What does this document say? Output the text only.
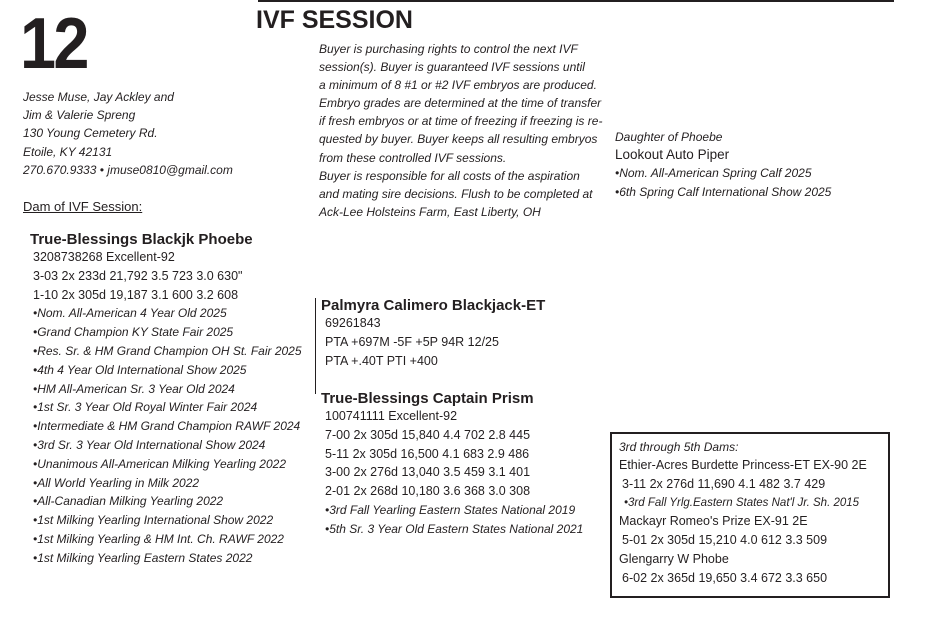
12	IVF SESSION
Jesse Muse, Jay Ackley and
Jim & Valerie Spreng
130 Young Cemetery Rd.
Etoile, KY 42131
270.670.9333 • jmuse0810@gmail.com
Dam of IVF Session:
Buyer is purchasing rights to control the next IVF
session(s). Buyer is guaranteed IVF sessions until
a minimum of 8 #1 or #2 IVF embryos are produced.
Embryo grades are determined at the time of transfer
if fresh embryos or at time of freezing if freezing is re-
quested by buyer. Buyer keeps all resulting embryos
from these controlled IVF sessions.
Buyer is responsible for all costs of the aspiration
and mating sire decisions. Flush to be completed at
Ack-Lee Holsteins Farm, East Liberty, OH
Daughter of Phoebe
Lookout Auto Piper
•Nom. All-American Spring Calf 2025
•6th Spring Calf International Show 2025
True-Blessings Blackjk Phoebe
3208738268 Excellent-92
3-03 2x 233d 21,792 3.5 723 3.0 630"
1-10 2x 305d 19,187 3.1 600 3.2 608
•Nom. All-American 4 Year Old 2025
•Grand Champion KY State Fair 2025
•Res. Sr. & HM Grand Champion OH St. Fair 2025
•4th 4 Year Old International Show 2025
•HM All-American Sr. 3 Year Old 2024
•1st Sr. 3 Year Old Royal Winter Fair 2024
•Intermediate & HM Grand Champion RAWF 2024
•3rd Sr. 3 Year Old International Show 2024
•Unanimous All-American Milking Yearling 2022
•All World Yearling in Milk 2022
•All-Canadian Milking Yearling 2022
•1st Milking Yearling International Show 2022
•1st Milking Yearling & HM Int. Ch. RAWF 2022
•1st Milking Yearling Eastern States 2022
Palmyra Calimero Blackjack-ET
69261843
PTA +697M -5F +5P 94R 12/25
PTA +.40T PTI +400
True-Blessings Captain Prism
100741111 Excellent-92
7-00 2x 305d 15,840 4.4 702 2.8 445
5-11 2x 305d 16,500 4.1 683 2.9 486
3-00 2x 276d 13,040 3.5 459 3.1 401
2-01 2x 268d 10,180 3.6 368 3.0 308
•3rd Fall Yearling Eastern States National 2019
•5th Sr. 3 Year Old Eastern States National 2021
3rd through 5th Dams:
Ethier-Acres Burdette Princess-ET EX-90 2E
3-11 2x 276d 11,690 4.1 482 3.7 429
•3rd Fall Yrlg.Eastern States Nat'l Jr. Sh. 2015
Mackayr Romeo's Prize EX-91 2E
5-01 2x 305d 15,210 4.0 612 3.3 509
Glengarry W Phobe
6-02 2x 365d 19,650 3.4 672 3.3 650
